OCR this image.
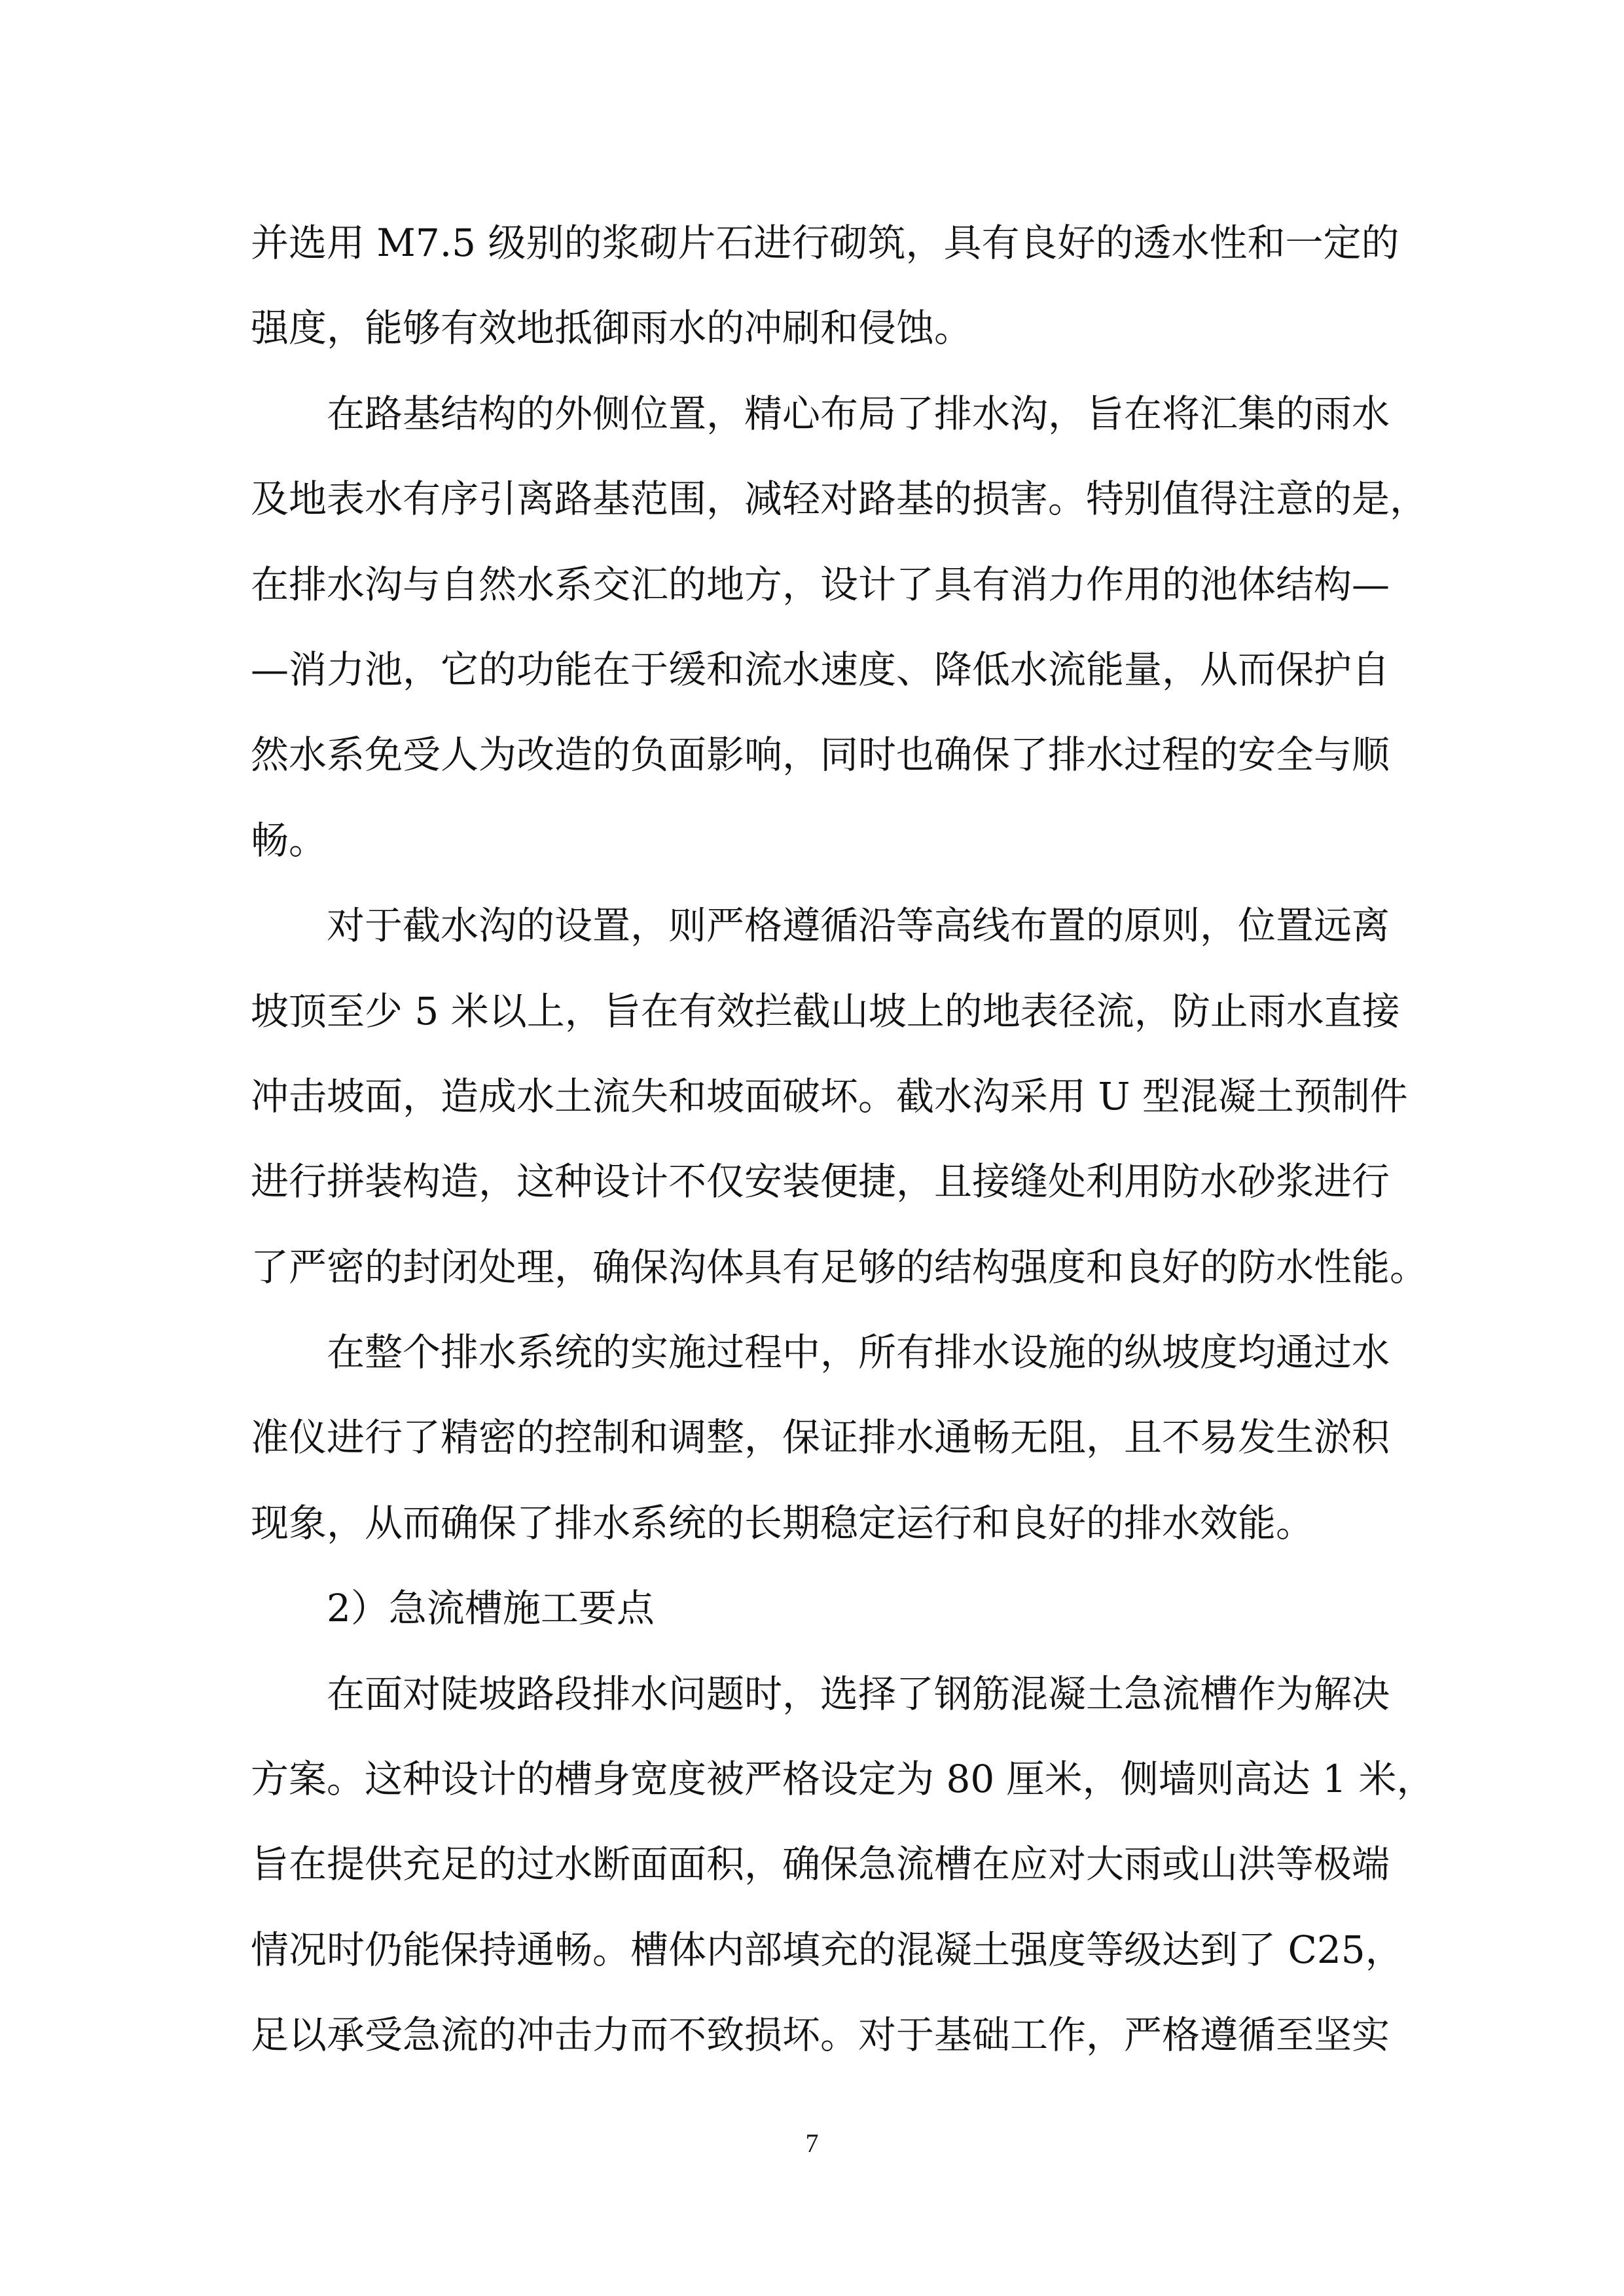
并选用 M7.5 级别的浆砌片石进行砌筑，具有良好的透水性和一定的
强度，能够有效地抵御雨水的冲刷和侵蚀。
在路基结构的外侧位置，精心布局了排水沟，旨在将汇集的雨水
及地表水有序引离路基范围，减轻对路基的损害。特别值得注意的是，
在排水沟与自然水系交汇的地方，设计了具有消力作用的池体结构—
—消力池，它的功能在于缓和流水速度、降低水流能量，从而保护自
然水系免受人为改造的负面影响，同时也确保了排水过程的安全与顺
畅。
对于截水沟的设置，则严格遵循沿等高线布置的原则，位置远离
坡顶至少 5 米以上，旨在有效拦截山坡上的地表径流，防止雨水直接
冲击坡面，造成水土流失和坡面破坏。截水沟采用 U 型混凝土预制件
进行拼装构造，这种设计不仅安装便捷，且接缝处利用防水砂浆进行
了严密的封闭处理，确保沟体具有足够的结构强度和良好的防水性能。
在整个排水系统的实施过程中，所有排水设施的纵坡度均通过水
准仪进行了精密的控制和调整，保证排水通畅无阻，且不易发生淤积
现象，从而确保了排水系统的长期稳定运行和良好的排水效能。
2）急流槽施工要点
在面对陡坡路段排水问题时，选择了钢筋混凝土急流槽作为解决
方案。这种设计的槽身宽度被严格设定为 80 厘米，侧墙则高达 1 米，
旨在提供充足的过水断面面积，确保急流槽在应对大雨或山洪等极端
情况时仍能保持通畅。槽体内部填充的混凝土强度等级达到了 C25，
足以承受急流的冲击力而不致损坏。对于基础工作，严格遵循至坚实
7
